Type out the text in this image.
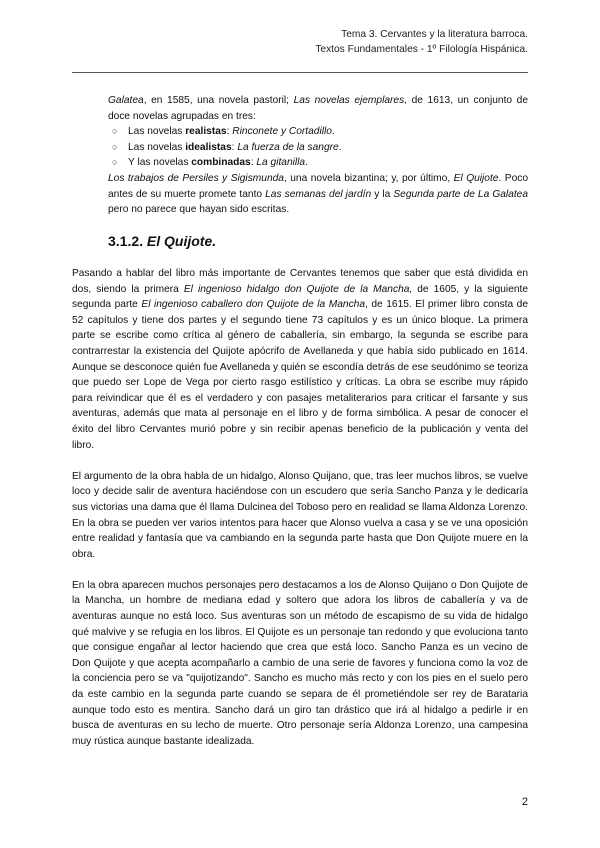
Tema 3. Cervantes y la literatura barroca.
Textos Fundamentales - 1º Filología Hispánica.

Galatea, en 1585, una novela pastoril; Las novelas ejemplares, de 1613, un conjunto de doce novelas agrupadas en tres:

○ Las novelas realistas: Rinconete y Cortadillo.
○ Las novelas idealistas: La fuerza de la sangre.
○ Y las novelas combinadas: La gitanilla.

Los trabajos de Persiles y Sigismunda, una novela bizantina; y, por último, El Quijote. Poco antes de su muerte promete tanto Las semanas del jardín y la Segunda parte de La Galatea pero no parece que hayan sido escritas.

3.1.2. El Quijote.

Pasando a hablar del libro más importante de Cervantes tenemos que saber que está dividida en dos, siendo la primera El ingenioso hidalgo don Quijote de la Mancha, de 1605, y la siguiente segunda parte El ingenioso caballero don Quijote de la Mancha, de 1615. El primer libro consta de 52 capítulos y tiene dos partes y el segundo tiene 73 capítulos y es un único bloque. La primera parte se escribe como crítica al género de caballería, sin embargo, la segunda se escribe para contrarrestar la existencia del Quijote apócrifo de Avellaneda y que había sido publicado en 1614. Aunque se desconoce quién fue Avellaneda y quién se escondía detrás de ese seudónimo se teoriza que puedo ser Lope de Vega por cierto rasgo estilístico y críticas. La obra se escribe muy rápido para reivindicar que él es el verdadero y con pasajes metaliterarios para criticar el farsante y sus aventuras, además que mata al personaje en el libro y de forma simbólica. A pesar de conocer el éxito del libro Cervantes murió pobre y sin recibir apenas beneficio de la publicación y venta del libro.

El argumento de la obra habla de un hidalgo, Alonso Quijano, que, tras leer muchos libros, se vuelve loco y decide salir de aventura haciéndose con un escudero que sería Sancho Panza y le dedicaría sus victorias una dama que él llama Dulcinea del Toboso pero en realidad se llama Aldonza Lorenzo. En la obra se pueden ver varios intentos para hacer que Alonso vuelva a casa y se ve una oposición entre realidad y fantasía que va cambiando en la segunda parte hasta que Don Quijote muere en la obra.

En la obra aparecen muchos personajes pero destacamos a los de Alonso Quijano o Don Quijote de la Mancha, un hombre de mediana edad y soltero que adora los libros de caballería y va de aventuras aunque no está loco. Sus aventuras son un método de escapismo de su vida de hidalgo qué malvive y se refugia en los libros. El Quijote es un personaje tan redondo y que evoluciona tanto que consigue engañar al lector haciendo que crea que está loco. Sancho Panza es un vecino de Don Quijote y que acepta acompañarlo a cambio de una serie de favores y funciona como la voz de la conciencia pero se va "quijotizando". Sancho es mucho más recto y con los pies en el suelo pero da este cambio en la segunda parte cuando se separa de él prometiéndole ser rey de Barataria aunque todo esto es mentira. Sancho dará un giro tan drástico que irá al hidalgo a pedirle ir en busca de aventuras en su lecho de muerte. Otro personaje sería Aldonza Lorenzo, una campesina muy rústica aunque bastante idealizada.

2
